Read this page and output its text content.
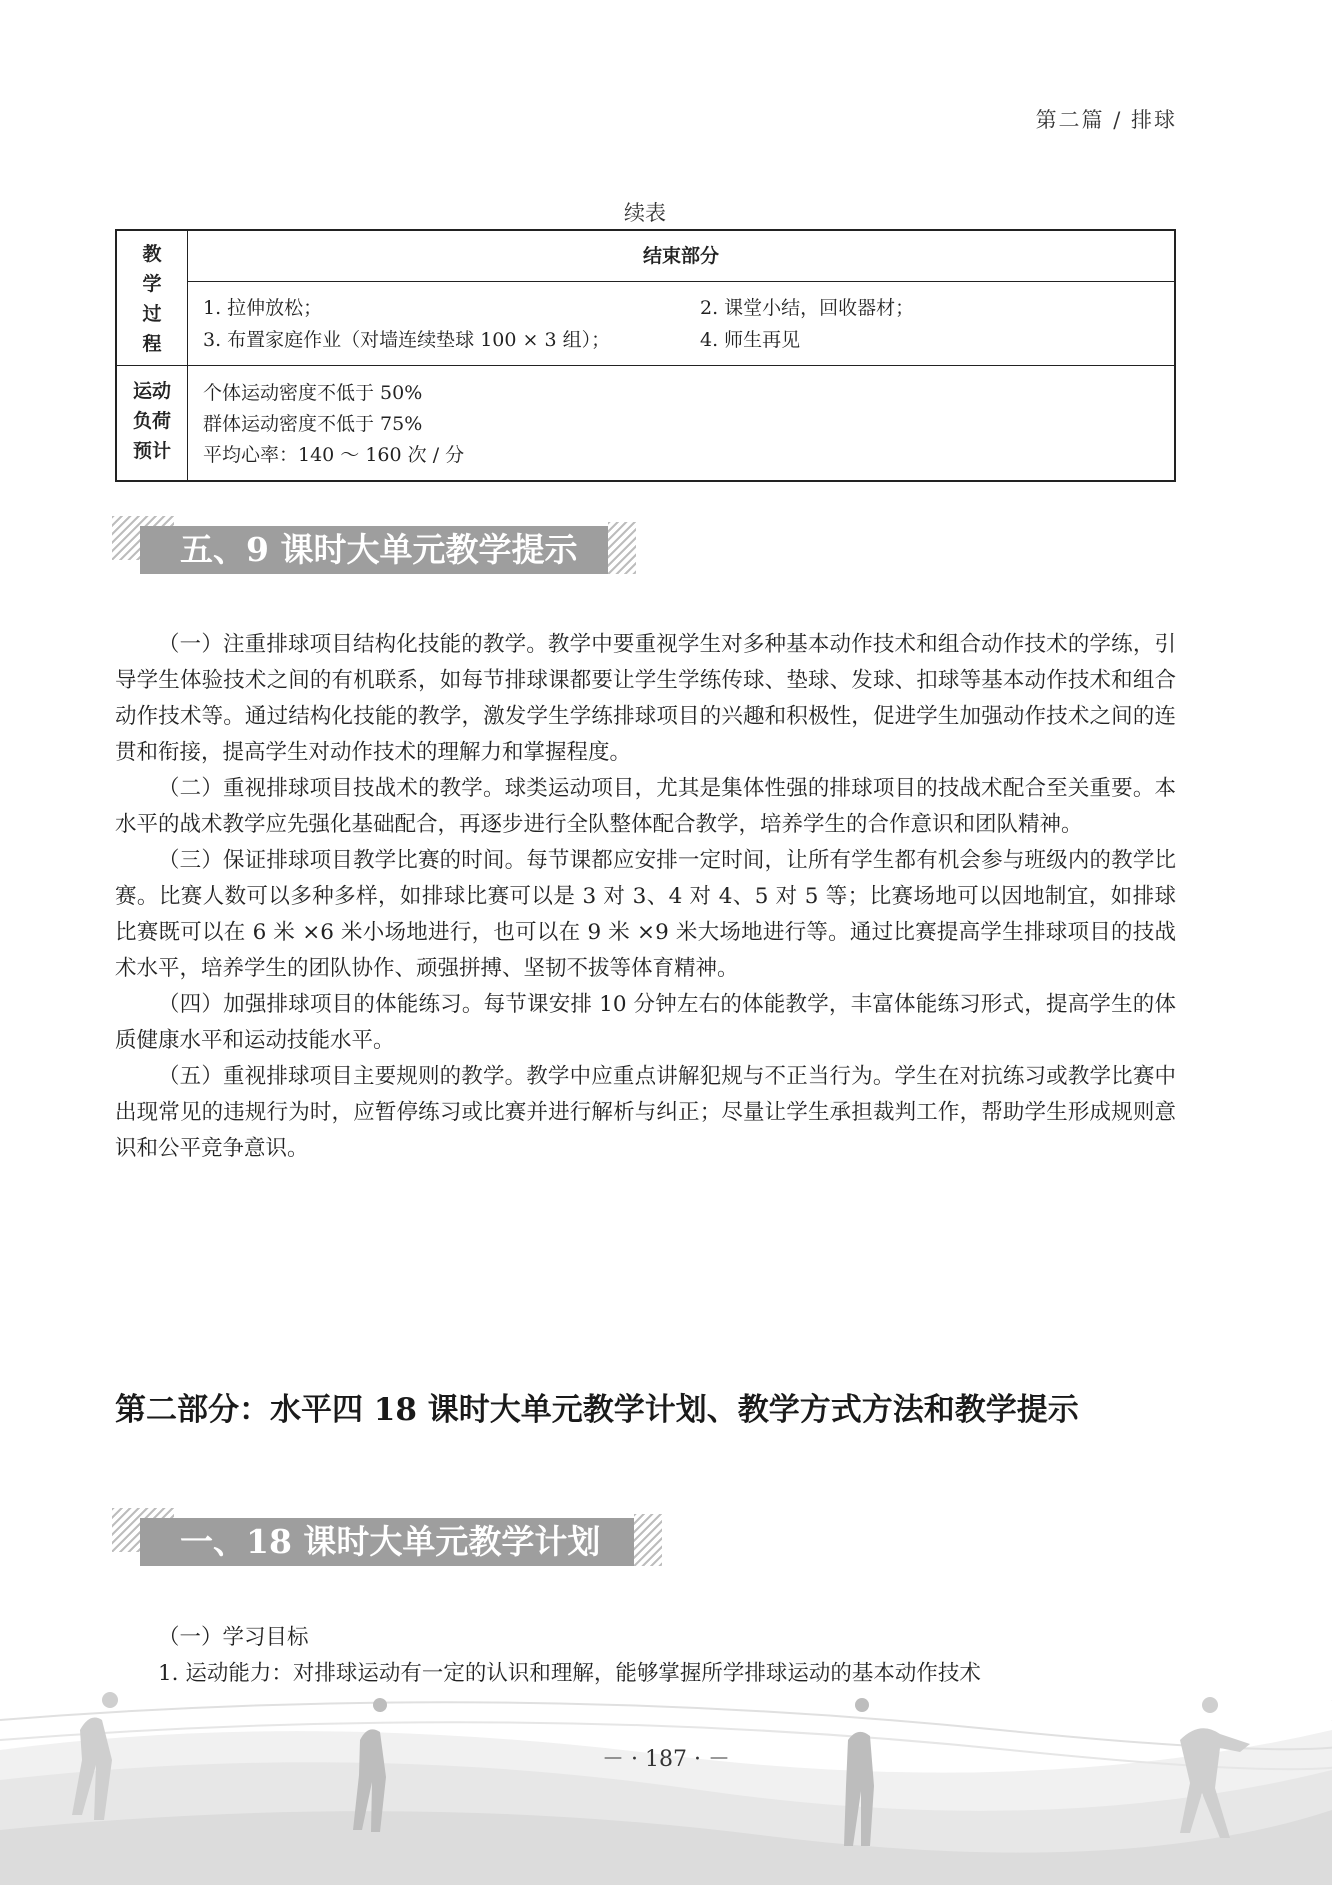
第二篇 / 排球
续表
教
学
过
程
结束部分
1. 拉伸放松；	2. 课堂小结，回收器材；
3. 布置家庭作业（对墙连续垫球 100 × 3 组）；	4. 师生再见
运动
负荷
预计
个体运动密度不低于 50%
群体运动密度不低于 75%
平均心率：140 ～ 160 次 / 分
五、9 课时大单元教学提示

（一）注重排球项目结构化技能的教学。教学中要重视学生对多种基本动作技术和组合动作技术的学练，引导学生体验技术之间的有机联系，如每节排球课都要让学生学练传球、垫球、发球、扣球等基本动作技术和组合动作技术等。通过结构化技能的教学，激发学生学练排球项目的兴趣和积极性，促进学生加强动作技术之间的连贯和衔接，提高学生对动作技术的理解力和掌握程度。

（二）重视排球项目技战术的教学。球类运动项目，尤其是集体性强的排球项目的技战术配合至关重要。本水平的战术教学应先强化基础配合，再逐步进行全队整体配合教学，培养学生的合作意识和团队精神。

（三）保证排球项目教学比赛的时间。每节课都应安排一定时间，让所有学生都有机会参与班级内的教学比赛。比赛人数可以多种多样，如排球比赛可以是 3 对 3、4 对 4、5 对 5 等；比赛场地可以因地制宜，如排球比赛既可以在 6 米 ×6 米小场地进行，也可以在 9 米 ×9 米大场地进行等。通过比赛提高学生排球项目的技战术水平，培养学生的团队协作、顽强拼搏、坚韧不拔等体育精神。

（四）加强排球项目的体能练习。每节课安排 10 分钟左右的体能教学，丰富体能练习形式，提高学生的体质健康水平和运动技能水平。

（五）重视排球项目主要规则的教学。教学中应重点讲解犯规与不正当行为。学生在对抗练习或教学比赛中出现常见的违规行为时，应暂停练习或比赛并进行解析与纠正；尽量让学生承担裁判工作，帮助学生形成规则意识和公平竞争意识。

第二部分：水平四 18 课时大单元教学计划、教学方式方法和教学提示
一、18 课时大单元教学计划
（一）学习目标
1. 运动能力：对排球运动有一定的认识和理解，能够掌握所学排球运动的基本动作技术
－ · 187 · －
